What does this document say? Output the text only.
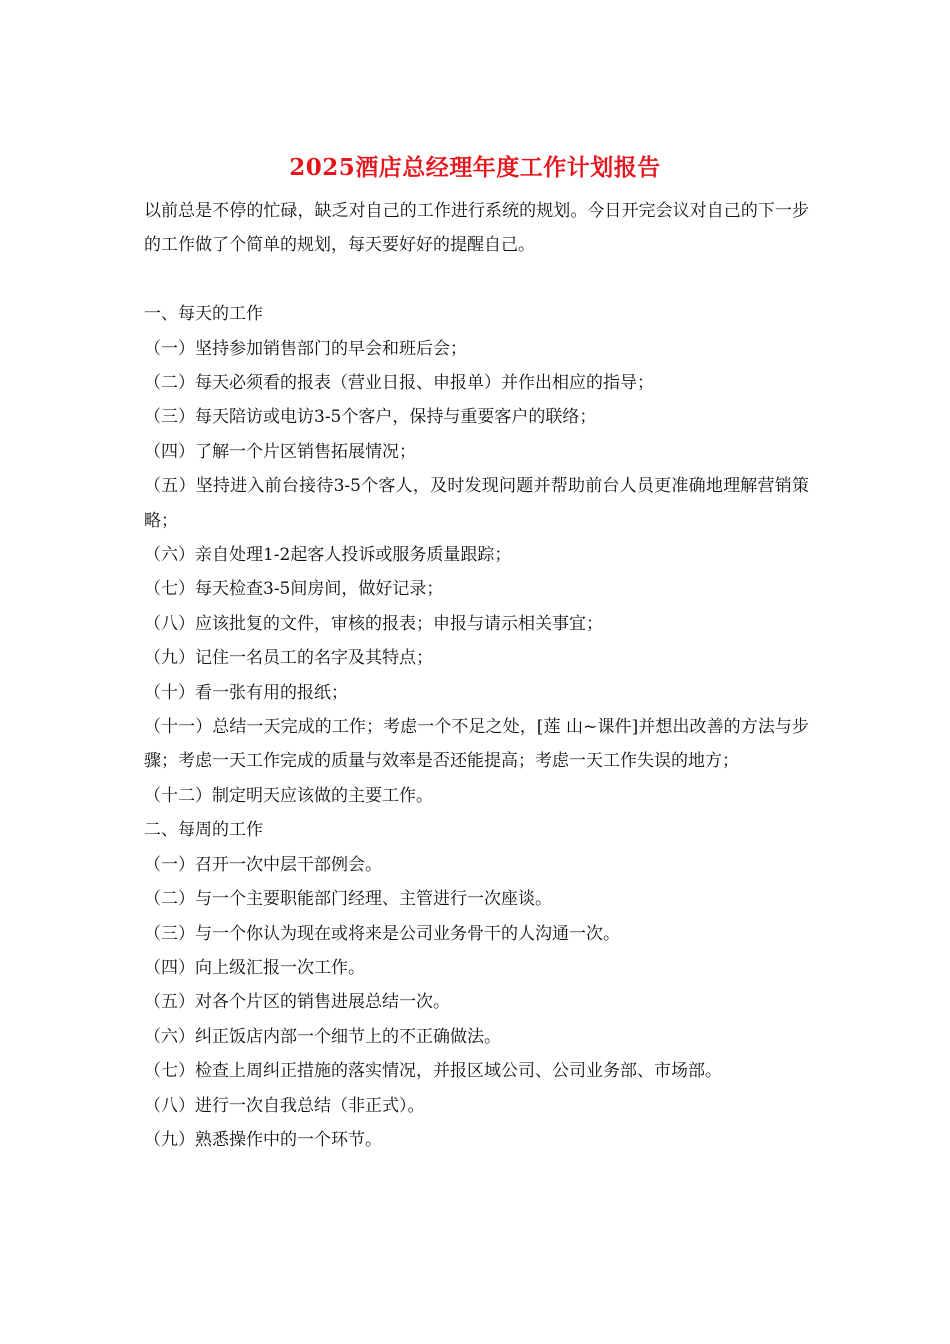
2025酒店总经理年度工作计划报告

以前总是不停的忙碌，缺乏对自己的工作进行系统的规划。今日开完会议对自己的下一步的工作做了个简单的规划，每天要好好的提醒自己。

一、每天的工作

（一）坚持参加销售部门的早会和班后会；

（二）每天必须看的报表（营业日报、申报单）并作出相应的指导；

（三）每天陪访或电访3-5个客户，保持与重要客户的联络；

（四）了解一个片区销售拓展情况；

（五）坚持进入前台接待3-5个客人，及时发现问题并帮助前台人员更准确地理解营销策略；

（六）亲自处理1-2起客人投诉或服务质量跟踪；

（七）每天检查3-5间房间，做好记录；

（八）应该批复的文件，审核的报表；申报与请示相关事宜；

（九）记住一名员工的名字及其特点；

（十）看一张有用的报纸；

（十一）总结一天完成的工作；考虑一个不足之处，[莲 山~课件]并想出改善的方法与步骤；考虑一天工作完成的质量与效率是否还能提高；考虑一天工作失误的地方；

（十二）制定明天应该做的主要工作。

二、每周的工作

（一）召开一次中层干部例会。

（二）与一个主要职能部门经理、主管进行一次座谈。

（三）与一个你认为现在或将来是公司业务骨干的人沟通一次。

（四）向上级汇报一次工作。

（五）对各个片区的销售进展总结一次。

（六）纠正饭店内部一个细节上的不正确做法。

（七）检查上周纠正措施的落实情况，并报区域公司、公司业务部、市场部。

（八）进行一次自我总结（非正式）。

（九）熟悉操作中的一个环节。
